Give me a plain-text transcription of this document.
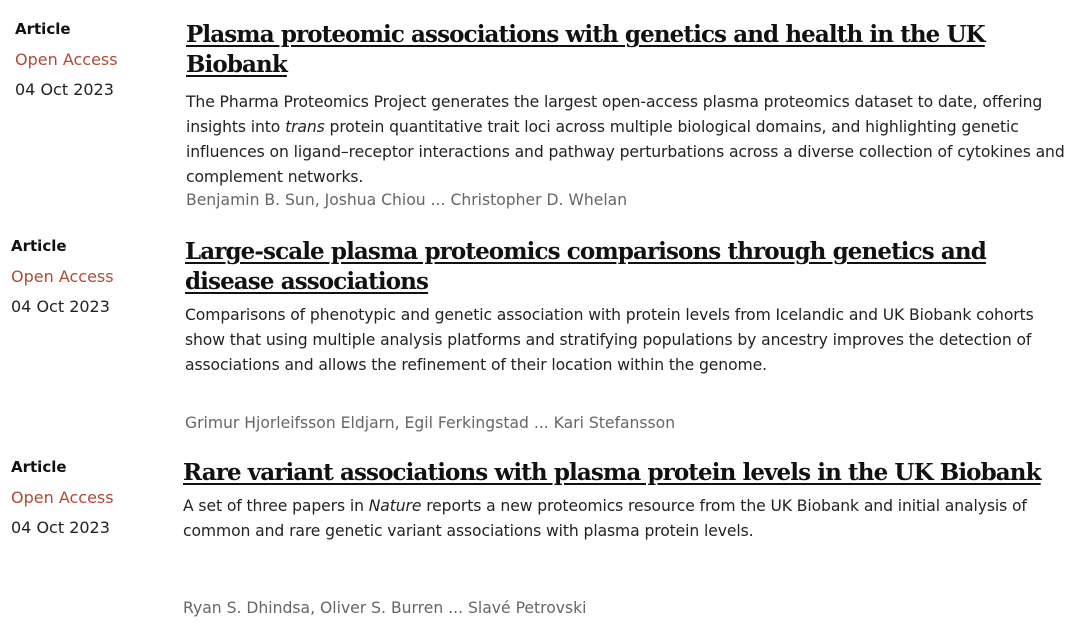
Article
Open Access
04 Oct 2023
Plasma proteomic associations with genetics and health in the UK Biobank

The Pharma Proteomics Project generates the largest open-access plasma proteomics dataset to date, offering insights into trans protein quantitative trait loci across multiple biological domains, and highlighting genetic influences on ligand–receptor interactions and pathway perturbations across a diverse collection of cytokines and complement networks.

Benjamin B. Sun, Joshua Chiou ... Christopher D. Whelan
Article
Open Access
04 Oct 2023
Large-scale plasma proteomics comparisons through genetics and disease associations

Comparisons of phenotypic and genetic association with protein levels from Icelandic and UK Biobank cohorts show that using multiple analysis platforms and stratifying populations by ancestry improves the detection of associations and allows the refinement of their location within the genome.

Grimur Hjorleifsson Eldjarn, Egil Ferkingstad ... Kari Stefansson
Article
Open Access
04 Oct 2023
Rare variant associations with plasma protein levels in the UK Biobank

A set of three papers in Nature reports a new proteomics resource from the UK Biobank and initial analysis of common and rare genetic variant associations with plasma protein levels.

Ryan S. Dhindsa, Oliver S. Burren ... Slavé Petrovski
